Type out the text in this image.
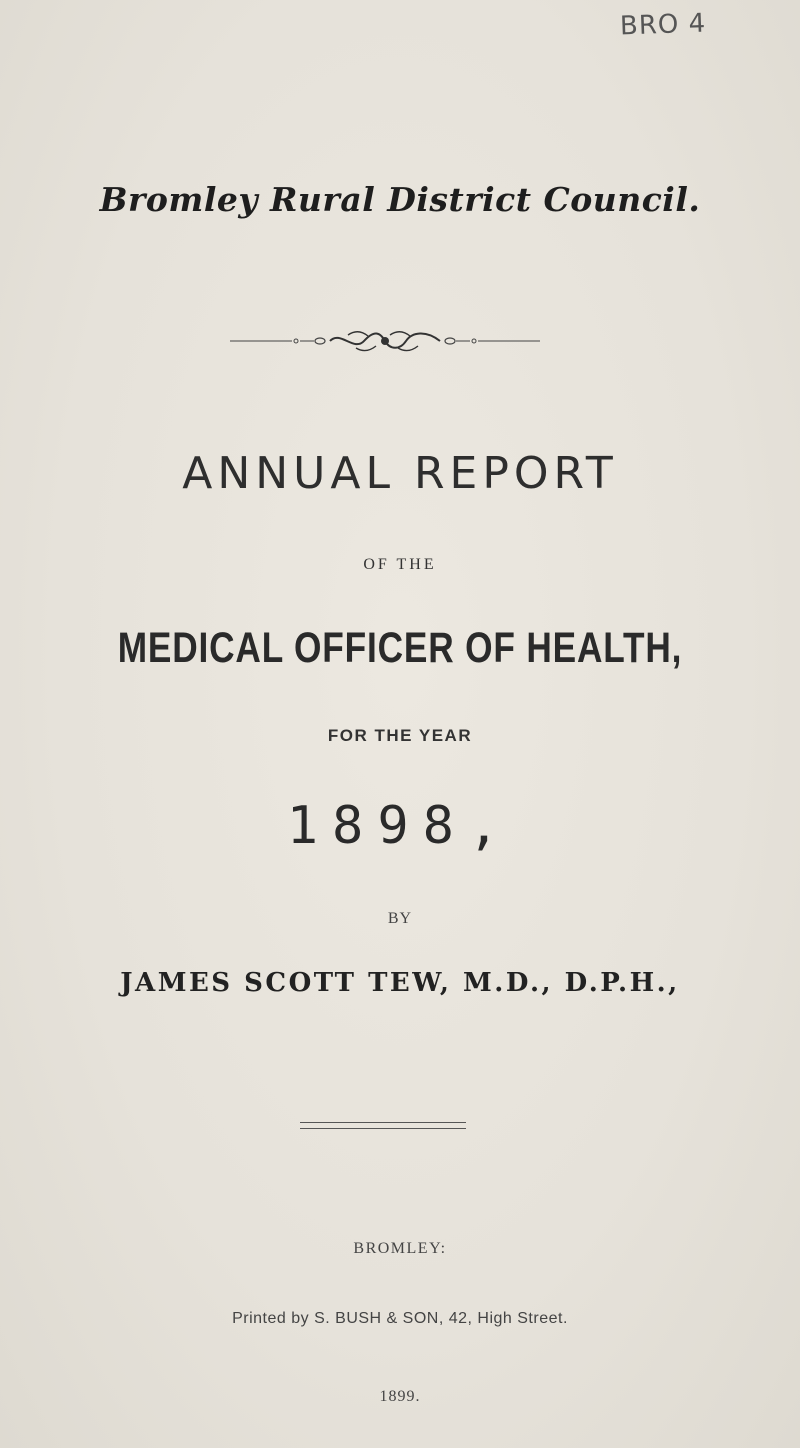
BRO 4
Bromley Rural District Council.
ANNUAL REPORT
OF THE
MEDICAL OFFICER OF HEALTH,
FOR THE YEAR
1898,
BY
JAMES SCOTT TEW, M.D., D.P.H.,
BROMLEY:
Printed by S. BUSH & SON, 42, High Street.
1899.
